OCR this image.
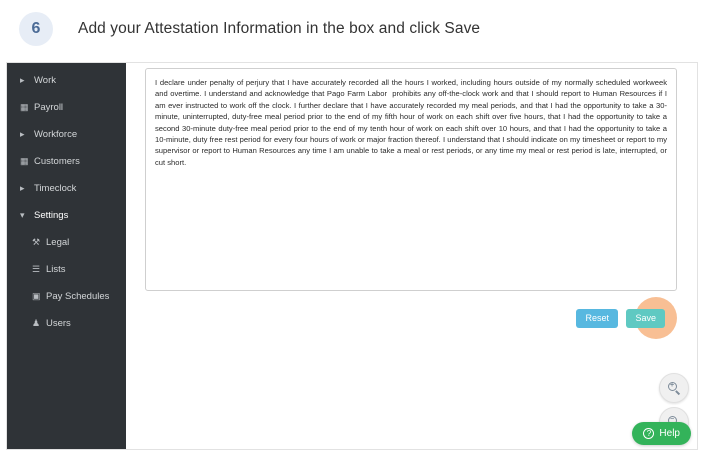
6	Add your Attestation Information in the box and click Save
▸ Work
▦ Payroll
▸ Workforce
▦ Customers
▸ Timeclock
▾ Settings
⚒ Legal
☰ Lists
▣ Pay Schedules
♟ Users
I declare under penalty of perjury that I have accurately recorded all the hours I worked, including hours outside of my normally scheduled workweek and overtime. I understand and acknowledge that Pago Farm Labor prohibits any off-the-clock work and that I should report to Human Resources if I am ever instructed to work off the clock. I further declare that I have accurately recorded my meal periods, and that I had the opportunity to take a 30-minute, uninterrupted, duty-free meal period prior to the end of my fifth hour of work on each shift over five hours, that I had the opportunity to take a second 30-minute duty-free meal period prior to the end of my tenth hour of work on each shift over 10 hours, and that I had the opportunity to take a 10-minute, duty free rest period for every four hours of work or major fraction thereof. I understand that I should indicate on my timesheet or report to my supervisor or report to Human Resources any time I am unable to take a meal or rest periods, or any time my meal or rest period is late, interrupted, or cut short.	Reset	Save
+
−
? Help
